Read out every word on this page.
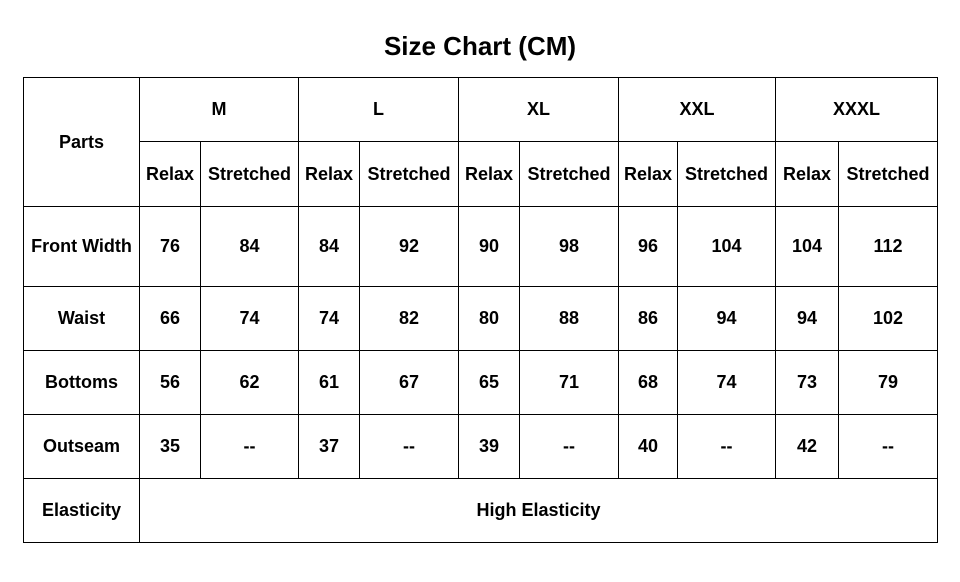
Size Chart (CM)
Parts	M		L		XL		XXL		XXXL	
	Relax	Stretched	Relax	Stretched	Relax	Stretched	Relax	Stretched	Relax	Stretched
Front Width	76	84	84	92	90	98	96	104	104	112
Waist	66	74	74	82	80	88	86	94	94	102
Bottoms	56	62	61	67	65	71	68	74	73	79
Outseam	35	--	37	--	39	--	40	--	42	--
Elasticity	High Elasticity									
